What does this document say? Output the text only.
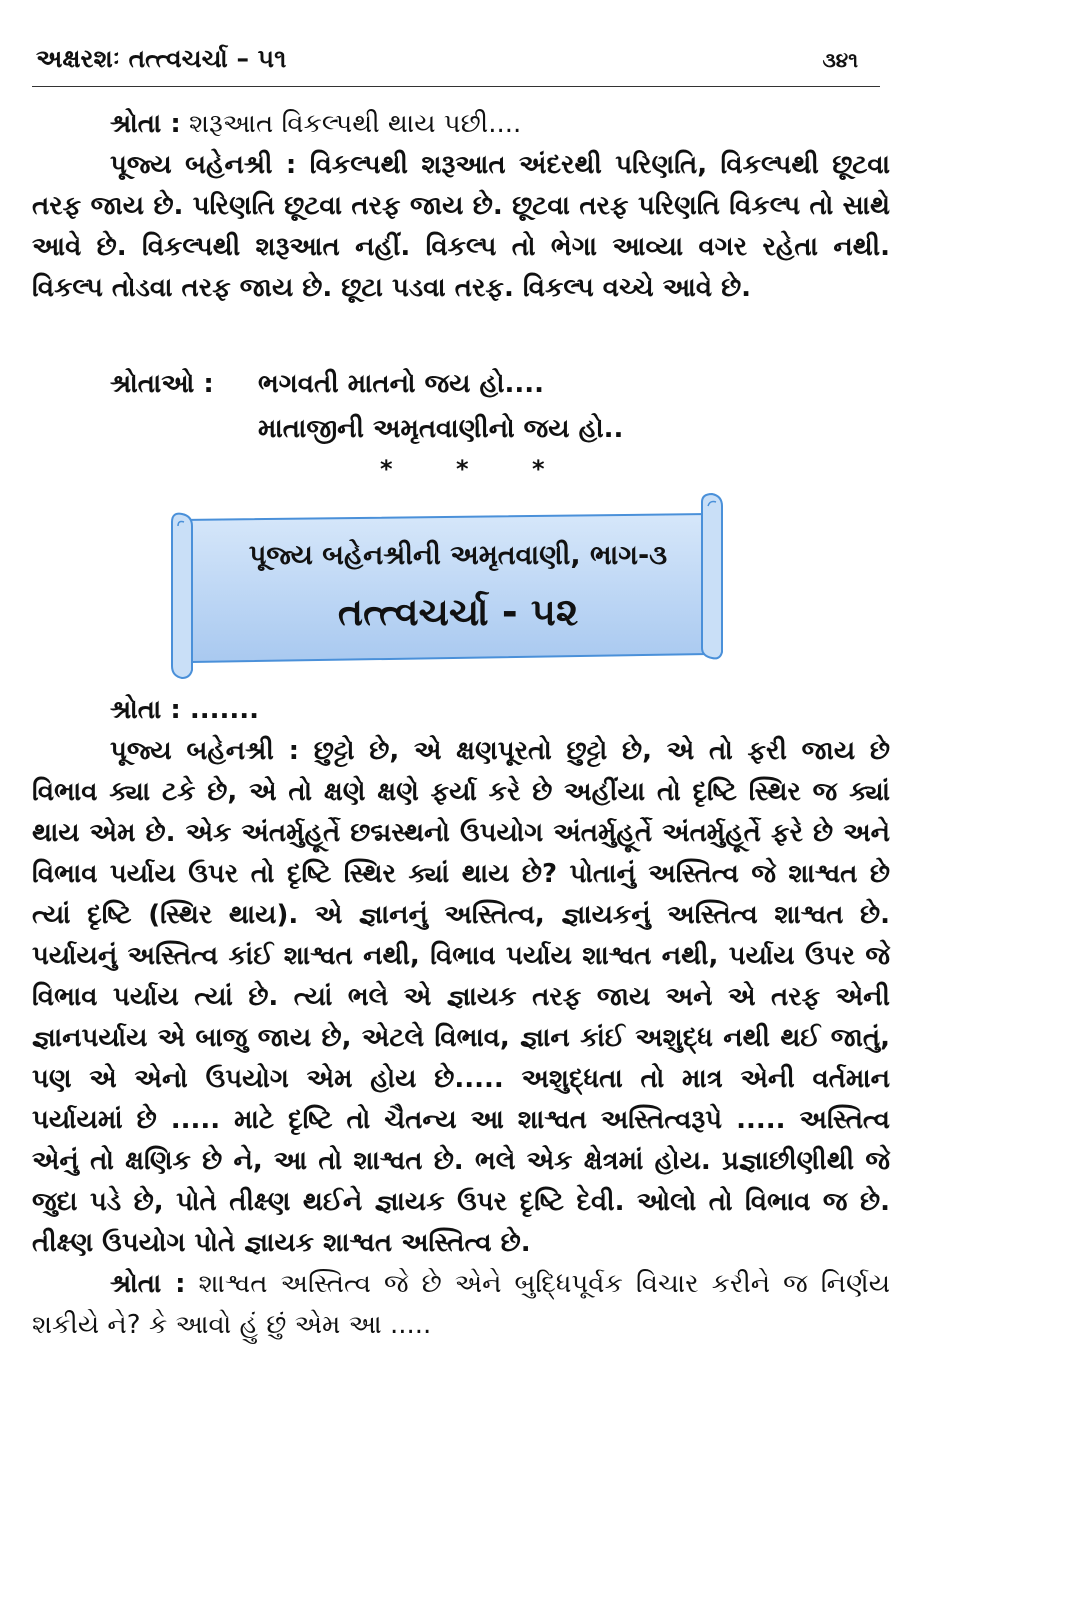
અક્ષરશઃ તત્ત્વચર્ચા – ૫૧	૩૪૧

શ્રોતા : શરૂઆત વિકલ્પથી થાય પછી....

પૂજ્ય બહેનશ્રી : વિકલ્પથી શરૂઆત અંદરથી પરિણતિ, વિકલ્પથી છૂટવા તરફ જાય છે. પરિણતિ છૂટવા તરફ જાય છે. છૂટવા તરફ પરિણતિ વિકલ્પ તો સાથે આવે છે. વિકલ્પથી શરૂઆત નહીં. વિકલ્પ તો ભેગા આવ્યા વગર રહેતા નથી. વિકલ્પ તોડવા તરફ જાય છે. છૂટા પડવા તરફ. વિકલ્પ વચ્ચે આવે છે.

શ્રોતાઓ :	ભગવતી માતનો જય હો....
માતાજીની અમૃતવાણીનો જય હો..
*	*	*
પૂજ્ય બહેનશ્રીની અમૃતવાણી, ભાગ-૩
તત્ત્વચર્ચા - ૫૨

શ્રોતા : .......

પૂજ્ય બહેનશ્રી : છુટ્ટો છે, એ ક્ષણપૂરતો છુટ્ટો છે, એ તો ફરી જાય છે વિભાવ ક્યા ટકે છે, એ તો ક્ષણે ક્ષણે ફર્યા કરે છે અહીંયા તો દૃષ્ટિ સ્થિર જ ક્યાં થાય એમ છે. એક અંતર્મુહૂર્તે છદ્મસ્થનો ઉપયોગ અંતર્મુહૂર્તે અંતર્મુહૂર્તે ફરે છે અને વિભાવ પર્યાય ઉપર તો દૃષ્ટિ સ્થિર ક્યાં થાય છે? પોતાનું અસ્તિત્વ જે શાશ્વત છે ત્યાં દૃષ્ટિ (સ્થિર થાય). એ જ્ઞાનનું અસ્તિત્વ, જ્ઞાયકનું અસ્તિત્વ શાશ્વત છે. પર્યાયનું અસ્તિત્વ કાંઈ શાશ્વત નથી, વિભાવ પર્યાય શાશ્વત નથી, પર્યાય ઉપર જે વિભાવ પર્યાય ત્યાં છે. ત્યાં ભલે એ જ્ઞાયક તરફ જાય અને એ તરફ એની જ્ઞાનપર્યાય એ બાજુ જાય છે, એટલે વિભાવ, જ્ઞાન કાંઈ અશુદ્ધ નથી થઈ જાતું, પણ એ એનો ઉપયોગ એમ હોય છે..... અશુદ્ધતા તો માત્ર એની વર્તમાન પર્યાયમાં છે ..... માટે દૃષ્ટિ તો ચૈતન્ય આ શાશ્વત અસ્તિત્વરૂપે ..... અસ્તિત્વ એનું તો ક્ષણિક છે ને, આ તો શાશ્વત છે. ભલે એક ક્ષેત્રમાં હોય. પ્રજ્ઞાછીણીથી જે જુદા પડે છે, પોતે તીક્ષ્ણ થઈને જ્ઞાયક ઉપર દૃષ્ટિ દેવી. ઓલો તો વિભાવ જ છે. તીક્ષ્ણ ઉપયોગ પોતે જ્ઞાયક શાશ્વત અસ્તિત્વ છે.

શ્રોતા : શાશ્વત અસ્તિત્વ જે છે એને બુદ્ધિપૂર્વક વિચાર કરીને જ નિર્ણય શકીયે ને? કે આવો હું છું એમ આ .....
